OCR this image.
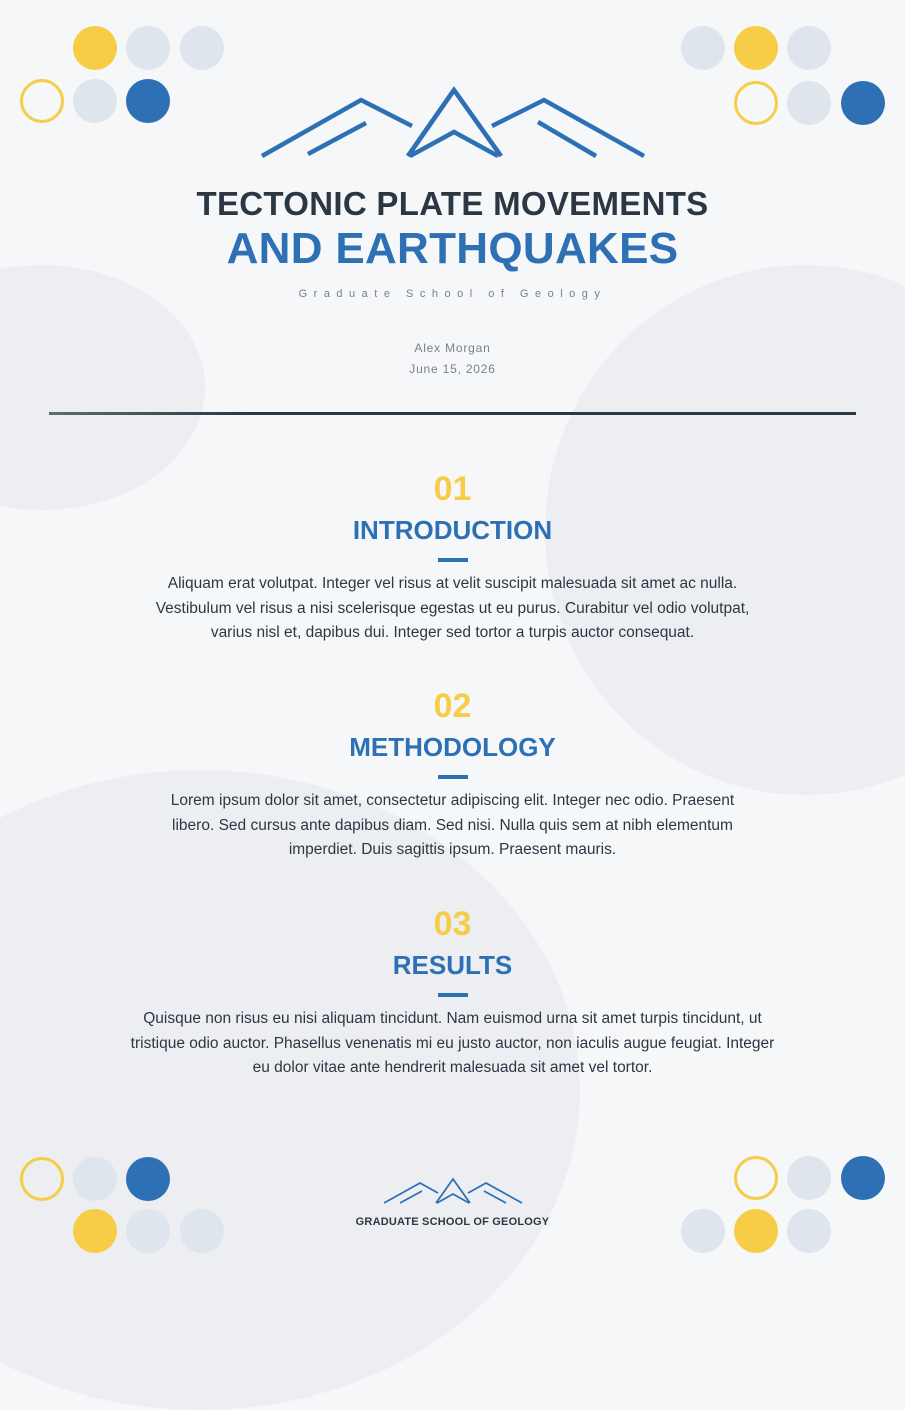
TECTONIC PLATE MOVEMENTS
AND EARTHQUAKES
Graduate School of Geology
Alex Morgan
June 15, 2026
01
INTRODUCTION
Aliquam erat volutpat. Integer vel risus at velit suscipit malesuada sit amet ac nulla. Vestibulum vel risus a nisi scelerisque egestas ut eu purus. Curabitur vel odio volutpat, varius nisl et, dapibus dui. Integer sed tortor a turpis auctor consequat.
02
METHODOLOGY
Lorem ipsum dolor sit amet, consectetur adipiscing elit. Integer nec odio. Praesent libero. Sed cursus ante dapibus diam. Sed nisi. Nulla quis sem at nibh elementum imperdiet. Duis sagittis ipsum. Praesent mauris.
03
RESULTS
Quisque non risus eu nisi aliquam tincidunt. Nam euismod urna sit amet turpis tincidunt, ut tristique odio auctor. Phasellus venenatis mi eu justo auctor, non iaculis augue feugiat. Integer eu dolor vitae ante hendrerit malesuada sit amet vel tortor.
GRADUATE SCHOOL OF GEOLOGY
